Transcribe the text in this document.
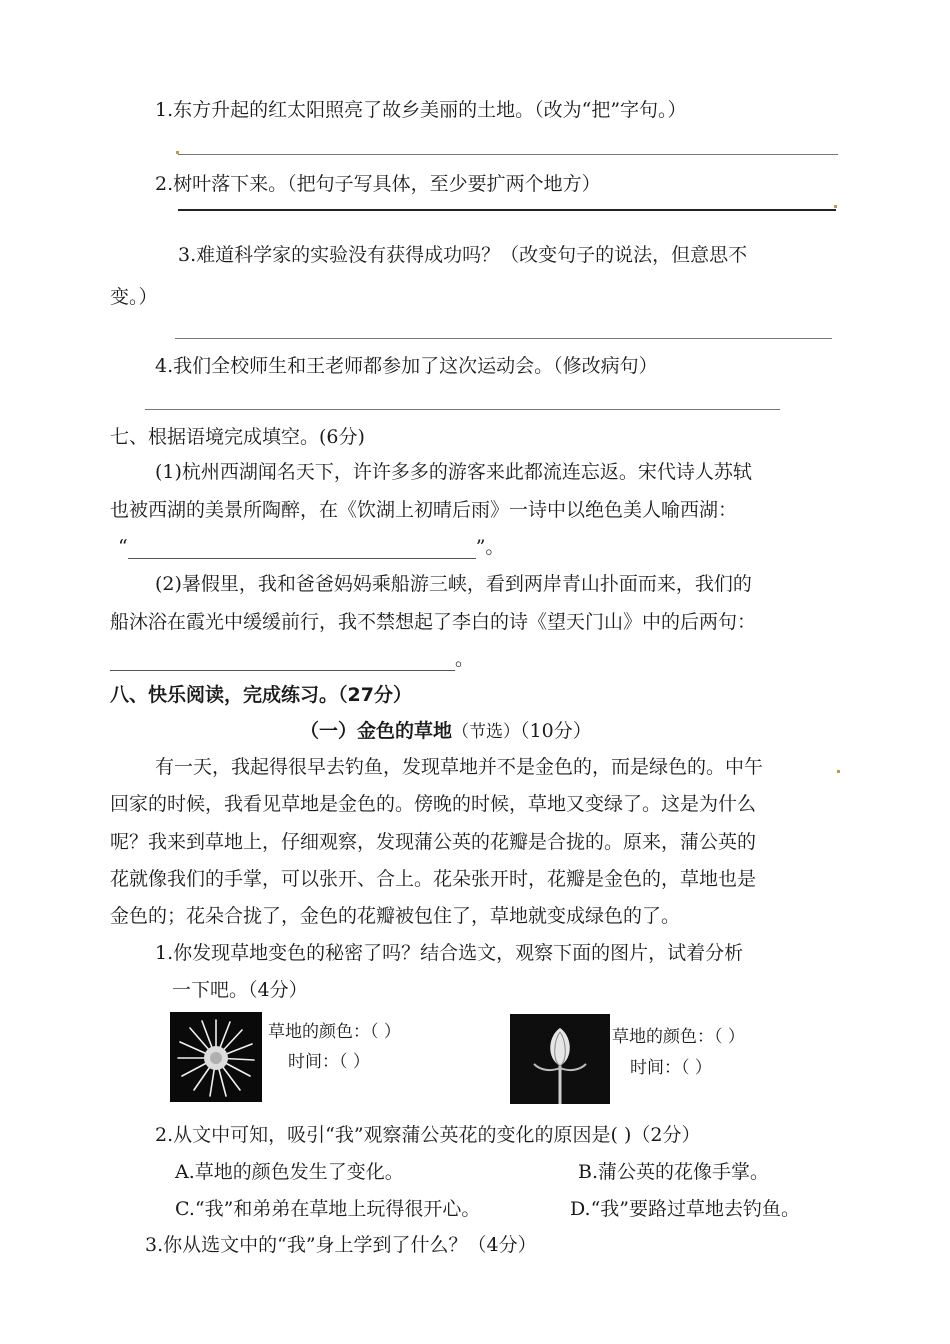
1.东方升起的红太阳照亮了故乡美丽的土地。（改为“把”字句。）
2.树叶落下来。（把句子写具体，至少要扩两个地方）
3.难道科学家的实验没有获得成功吗？（改变句子的说法，但意思不
变。）
4.我们全校师生和王老师都参加了这次运动会。（修改病句）
七、根据语境完成填空。(6分)
(1)杭州西湖闻名天下，许许多多的游客来此都流连忘返。宋代诗人苏轼
也被西湖的美景所陶醉，在《饮湖上初晴后雨》一诗中以绝色美人喻西湖：
“	”。
(2)暑假里，我和爸爸妈妈乘船游三峡，看到两岸青山扑面而来，我们的
船沐浴在霞光中缓缓前行，我不禁想起了李白的诗《望天门山》中的后两句：
。
八、快乐阅读，完成练习。（27分）
（一）金色的草地（节选）（10分）
有一天，我起得很早去钓鱼，发现草地并不是金色的，而是绿色的。中午
回家的时候，我看见草地是金色的。傍晚的时候，草地又变绿了。这是为什么
呢？我来到草地上，仔细观察，发现蒲公英的花瓣是合拢的。原来，蒲公英的
花就像我们的手掌，可以张开、合上。花朵张开时，花瓣是金色的，草地也是
金色的；花朵合拢了，金色的花瓣被包住了，草地就变成绿色的了。
1.你发现草地变色的秘密了吗？结合选文，观察下面的图片，试着分析
一下吧。（4分）
草地的颜色：（ ）
时间：（ ）
草地的颜色：（ ）
时间：（ ）
2.从文中可知，吸引“我”观察蒲公英花的变化的原因是( )（2分）
A.草地的颜色发生了变化。	B.蒲公英的花像手掌。
C.“我”和弟弟在草地上玩得很开心。	D.“我”要路过草地去钓鱼。
3.你从选文中的“我”身上学到了什么？（4分）
